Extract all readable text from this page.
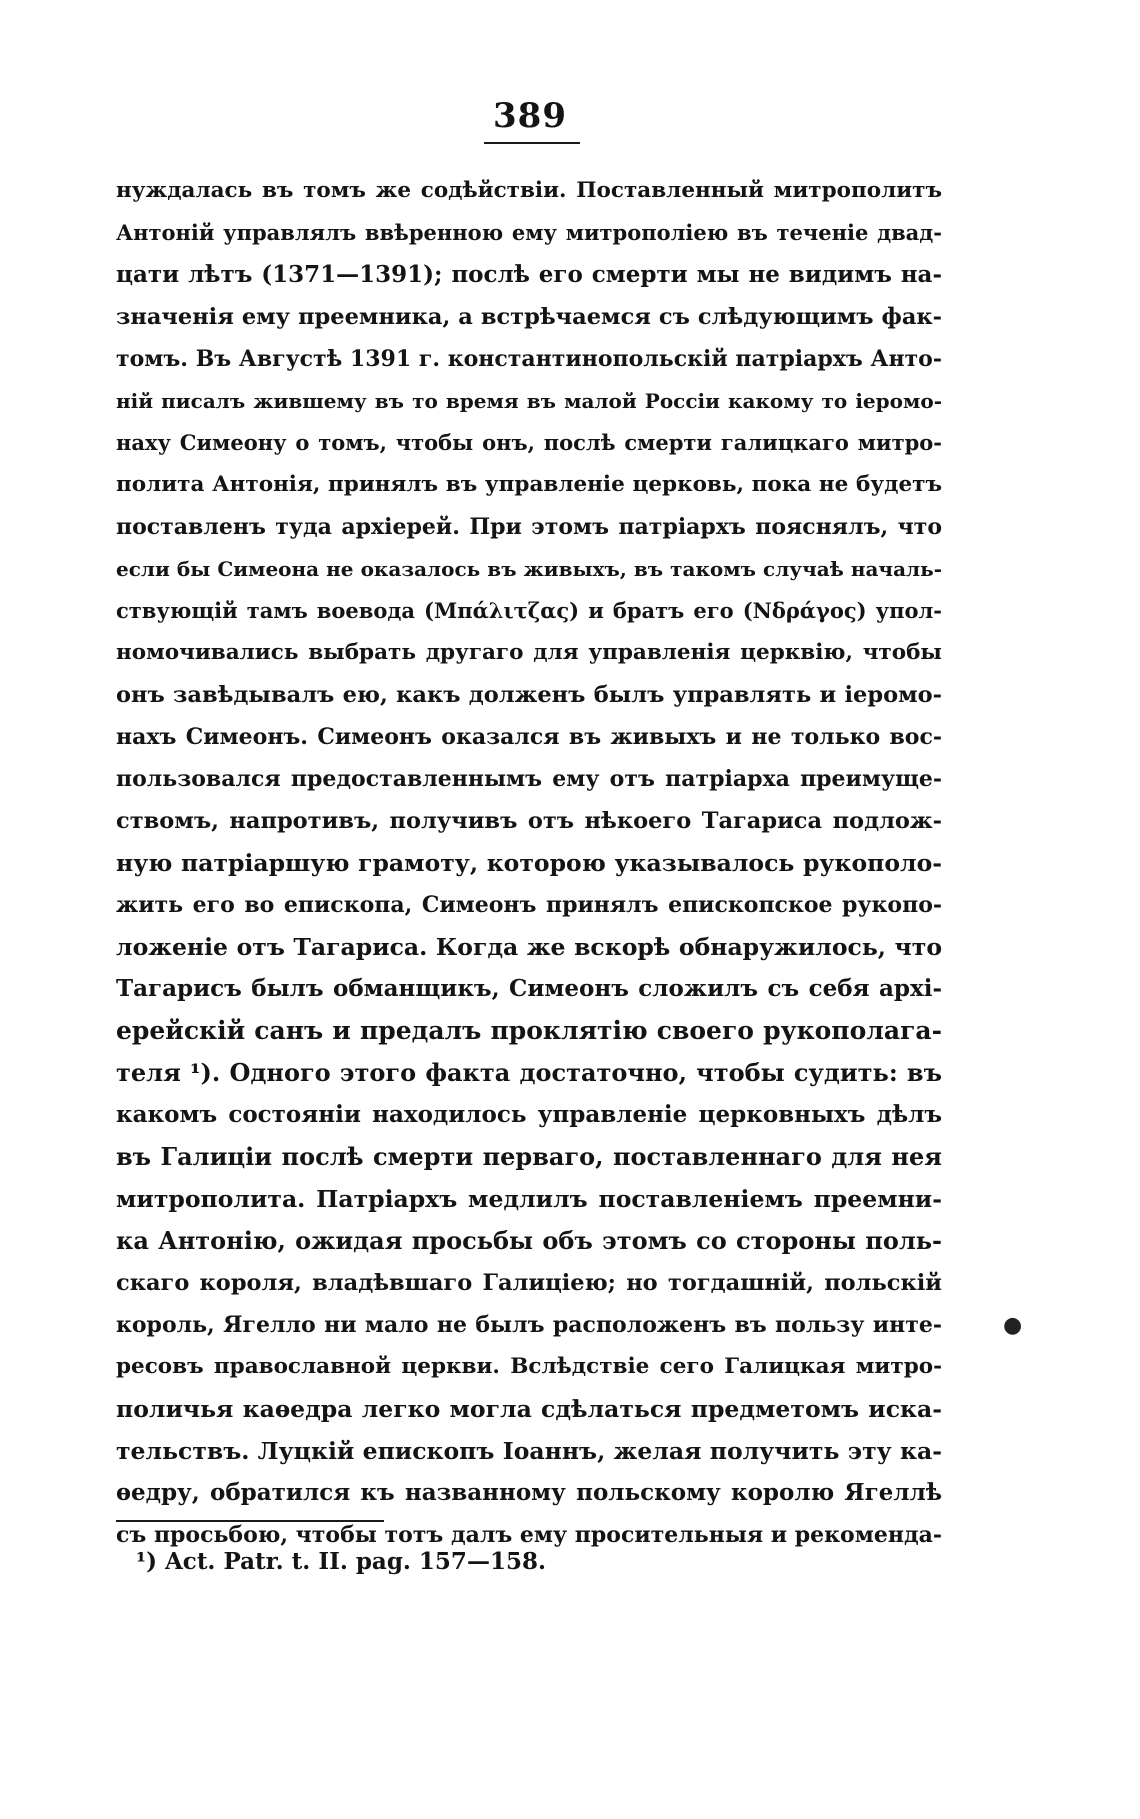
389
нуждалась въ томъ же содѣйствіи. Поставленный митрополитъ
Антоній управлялъ ввѣренною ему митрополіею въ теченіе двад-
цати лѣтъ (1371—1391); послѣ его смерти мы не видимъ на-
значенія ему преемника, а встрѣчаемся съ слѣдующимъ фак-
томъ. Въ Августѣ 1391 г. константинопольскій патріархъ Анто-
ній писалъ жившему въ то время въ малой Россіи какому то іеромо-
наху Симеону о томъ, чтобы онъ, послѣ смерти галицкаго митро-
полита Антонія, принялъ въ управленіе церковь, пока не будетъ
поставленъ туда архіерей. При этомъ патріархъ пояснялъ, что
если бы Симеона не оказалось въ живыхъ, въ такомъ случаѣ началь-
ствующій тамъ воевода (Μπάλιτζας) и братъ его (Νδράγος) упол-
номочивались выбрать другаго для управленія церквію, чтобы
онъ завѣдывалъ ею, какъ долженъ былъ управлять и іеромо-
нахъ Симеонъ. Симеонъ оказался въ живыхъ и не только вос-
пользовался предоставленнымъ ему отъ патріарха преимуще-
ствомъ, напротивъ, получивъ отъ нѣкоего Тагариса подлож-
ную патріаршую грамоту, которою указывалось рукополо-
жить его во епископа, Симеонъ принялъ епископское рукопо-
ложеніе отъ Тагариса. Когда же вскорѣ обнаружилось, что
Тагарисъ былъ обманщикъ, Симеонъ сложилъ съ себя архі-
ерейскій санъ и предалъ проклятію своего рукополага-
теля ¹). Одного этого факта достаточно, чтобы судить: въ
какомъ состояніи находилось управленіе церковныхъ дѣлъ
въ Галиціи послѣ смерти перваго, поставленнаго для нея
митрополита. Патріархъ медлилъ поставленіемъ преемни-
ка Антонію, ожидая просьбы объ этомъ со стороны поль-
скаго короля, владѣвшаго Галиціею; но тогдашній, польскій
король, Ягелло ни мало не былъ расположенъ въ пользу инте-
ресовъ православной церкви. Вслѣдствіе сего Галицкая митро-
поличья каѳедра легко могла сдѣлаться предметомъ иска-
тельствъ. Луцкій епископъ Іоаннъ, желая получить эту ка-
ѳедру, обратился къ названному польскому королю Ягеллѣ
съ просьбою, чтобы тотъ далъ ему просительныя и рекоменда-
●
¹) Act. Patr. t. II. pag. 157—158.
